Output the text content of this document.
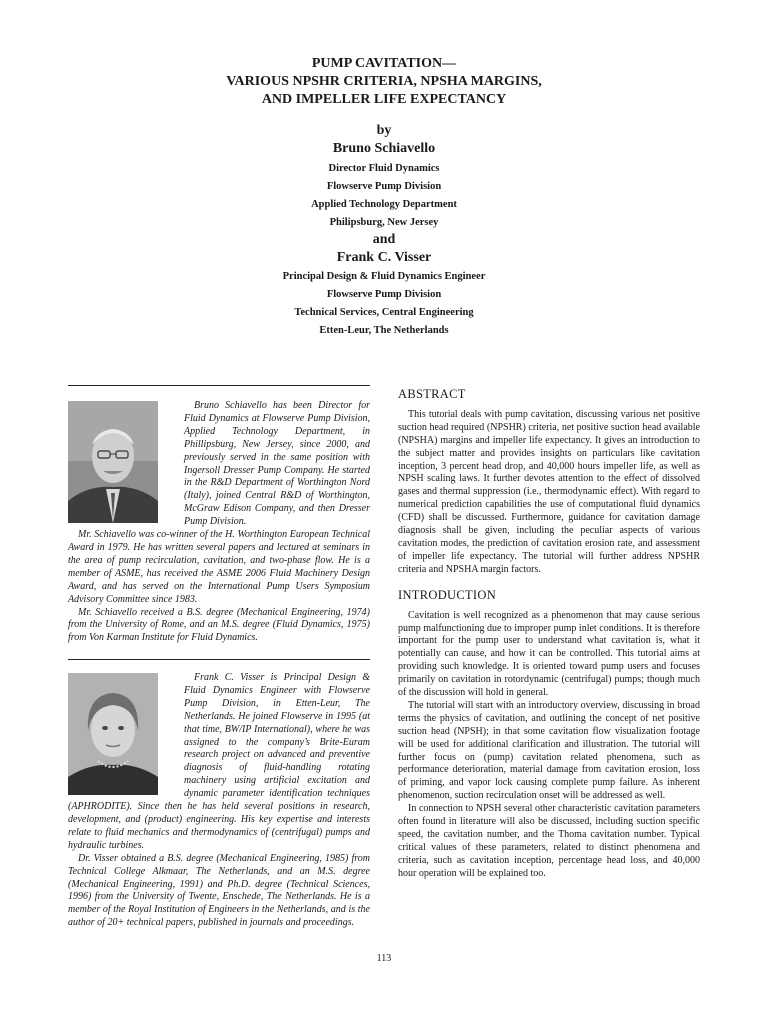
PUMP CAVITATION—
VARIOUS NPSHR CRITERIA, NPSHA MARGINS,
AND IMPELLER LIFE EXPECTANCY
by
Bruno Schiavello
Director Fluid Dynamics
Flowserve Pump Division
Applied Technology Department
Philipsburg, New Jersey
and
Frank C. Visser
Principal Design & Fluid Dynamics Engineer
Flowserve Pump Division
Technical Services, Central Engineering
Etten-Leur, The Netherlands

Bruno Schiavello has been Director for Fluid Dynamics at Flowserve Pump Division, Applied Technology Department, in Phillipsburg, New Jersey, since 2000, and previously served in the same position with Ingersoll Dresser Pump Company. He started in the R&D Department of Worthington Nord (Italy), joined Central R&D of Worthington, McGraw Edison Company, and then Dresser Pump Division.

Mr. Schiavello was co-winner of the H. Worthington European Technical Award in 1979. He has written several papers and lectured at seminars in the area of pump recirculation, cavitation, and two-phase flow. He is a member of ASME, has received the ASME 2006 Fluid Machinery Design Award, and has served on the International Pump Users Symposium Advisory Committee since 1983.

Mr. Schiavello received a B.S. degree (Mechanical Engineering, 1974) from the University of Rome, and an M.S. degree (Fluid Dynamics, 1975) from Von Karman Institute for Fluid Dynamics.

Frank C. Visser is Principal Design & Fluid Dynamics Engineer with Flowserve Pump Division, in Etten-Leur, The Netherlands. He joined Flowserve in 1995 (at that time, BW/IP International), where he was assigned to the company’s Brite-Euram research project on advanced and preventive diagnosis of fluid-handling rotating machinery using artificial excitation and dynamic parameter identification techniques (APHRODITE). Since then he has held several positions in research, development, and (product) engineering. His key expertise and interests relate to fluid mechanics and thermodynamics of (centrifugal) pumps and hydraulic turbines.

Dr. Visser obtained a B.S. degree (Mechanical Engineering, 1985) from Technical College Alkmaar, The Netherlands, and an M.S. degree (Mechanical Engineering, 1991) and Ph.D. degree (Technical Sciences, 1996) from the University of Twente, Enschede, The Netherlands. He is a member of the Royal Institution of Engineers in the Netherlands, and is the author of 20+ technical papers, published in journals and proceedings.

ABSTRACT

This tutorial deals with pump cavitation, discussing various net positive suction head required (NPSHR) criteria, net positive suction head available (NPSHA) margins and impeller life expectancy. It gives an introduction to the subject matter and provides insights on particulars like cavitation inception, 3 percent head drop, and 40,000 hours impeller life, as well as NPSH scaling laws. It further devotes attention to the effect of dissolved gases and thermal suppression (i.e., thermodynamic effect). With regard to numerical prediction capabilities the use of computational fluid dynamics (CFD) shall be discussed. Furthermore, guidance for cavitation damage diagnosis shall be given, including the peculiar aspects of various cavitation modes, the prediction of cavitation erosion rate, and assessment of impeller life expectancy. The tutorial will further address NPSHR criteria and NPSHA margin factors.

INTRODUCTION

Cavitation is well recognized as a phenomenon that may cause serious pump malfunctioning due to improper pump inlet conditions. It is therefore important for the pump user to understand what cavitation is, what it potentially can cause, and how it can be controlled. This tutorial aims at providing such knowledge. It is oriented toward pump users and focuses primarily on cavitation in rotordynamic (centrifugal) pumps; though much of the discussion will hold in general.

The tutorial will start with an introductory overview, discussing in broad terms the physics of cavitation, and outlining the concept of net positive suction head (NPSH); in that some cavitation flow visualization footage will be used for additional clarification and illustration. The tutorial will further focus on (pump) cavitation related phenomena, such as performance deterioration, material damage from cavitation erosion, loss of priming, and vapor lock causing complete pump failure. As inherent phenomenon, suction recirculation onset will be addressed as well.

In connection to NPSH several other characteristic cavitation parameters often found in literature will also be discussed, including suction specific speed, the cavitation number, and the Thoma cavitation number. Typical critical values of these parameters, related to distinct phenomena and criteria, such as cavitation inception, percentage head loss, and 40,000 hour operation will be explained too.

113
